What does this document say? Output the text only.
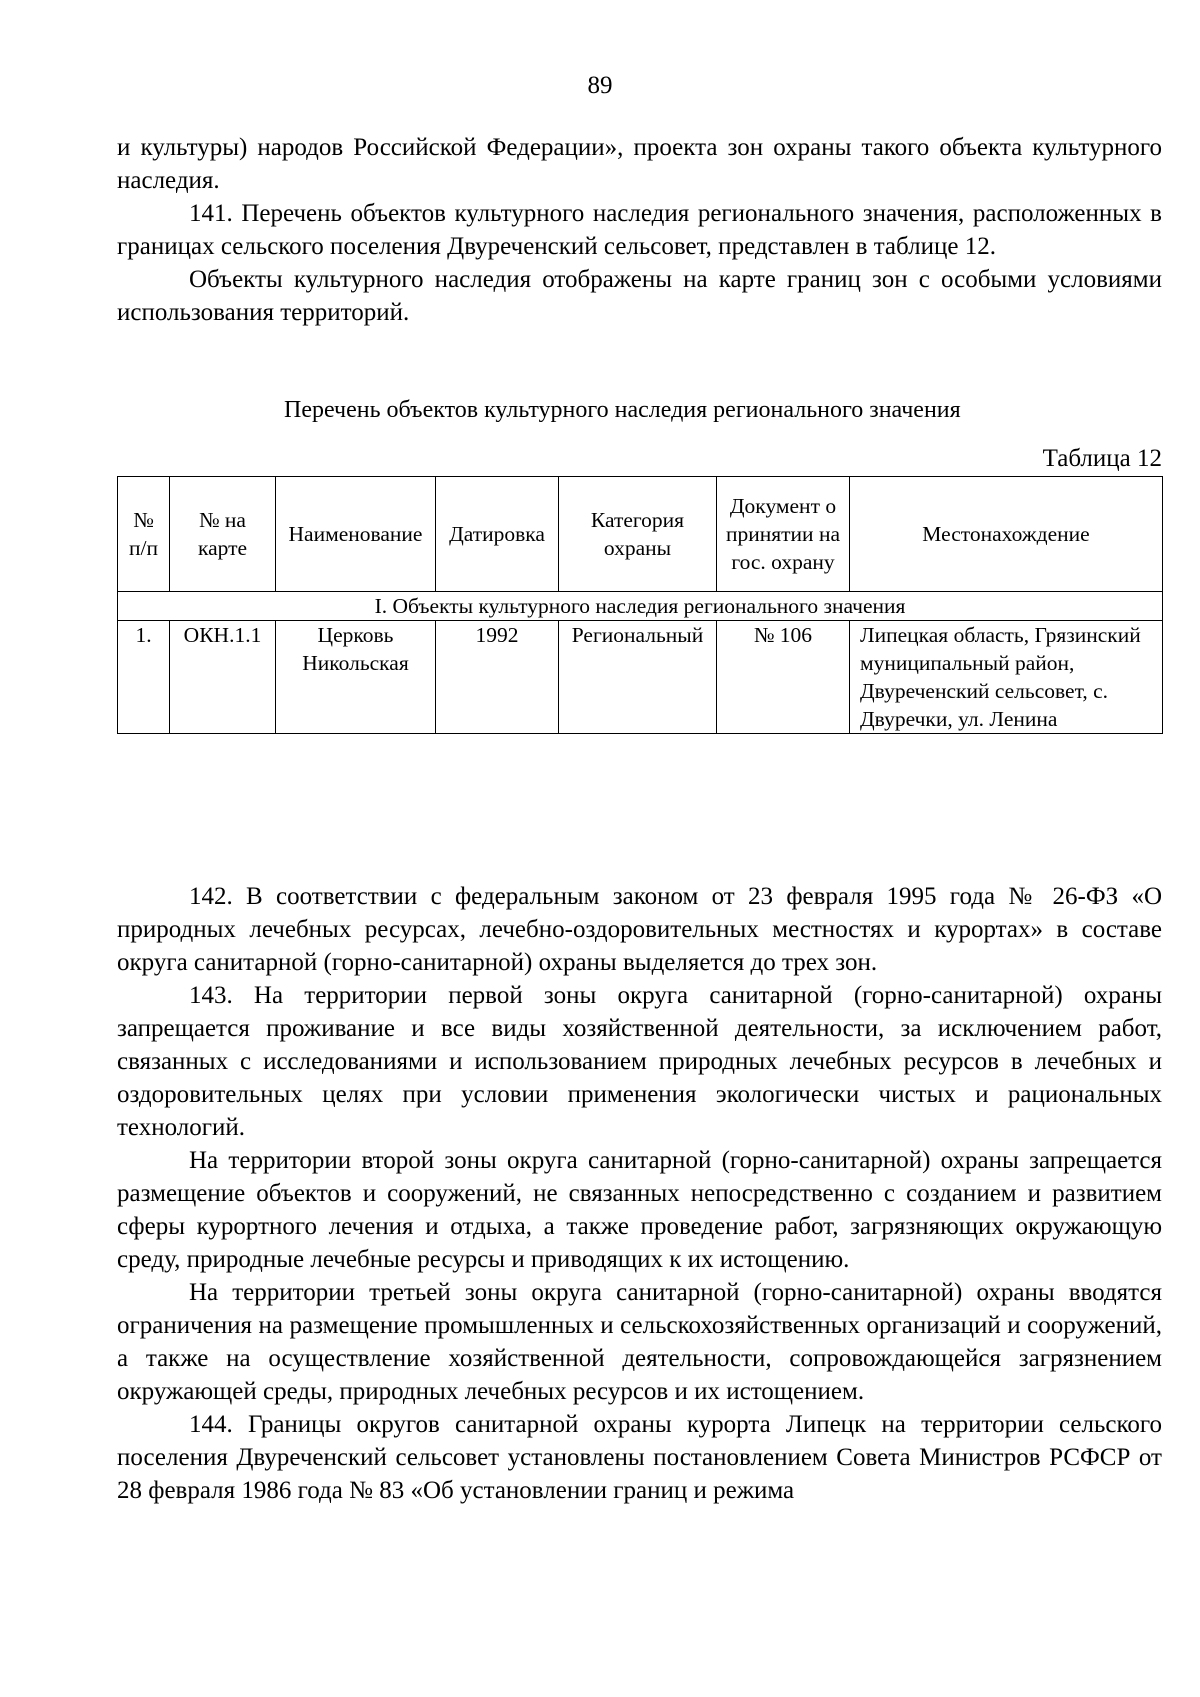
89

и культуры) народов Российской Федерации», проекта зон охраны такого объекта культурного наследия.

141. Перечень объектов культурного наследия регионального значения, расположенных в границах сельского поселения Двуреченский сельсовет, представлен в таблице 12.

Объекты культурного наследия отображены на карте границ зон с особыми условиями использования территорий.

Перечень объектов культурного наследия регионального значения
Таблица 12
№ п/п	№ на карте	Наименование	Датировка	Категория охраны	Документ о принятии на гос. охрану	Местонахождение
I. Объекты культурного наследия регионального значения						
1.	ОКН.1.1	Церковь Никольская	1992	Региональный	№ 106	Липецкая область, Грязинский муниципальный район, Двуреченский сельсовет, с. Двуречки, ул. Ленина

142. В соответствии с федеральным законом от 23 февраля 1995 года № 26-ФЗ «О природных лечебных ресурсах, лечебно-оздоровительных местностях и курортах» в составе округа санитарной (горно-санитарной) охраны выделяется до трех зон.

143. На территории первой зоны округа санитарной (горно-санитарной) охраны запрещается проживание и все виды хозяйственной деятельности, за исключением работ, связанных с исследованиями и использованием природных лечебных ресурсов в лечебных и оздоровительных целях при условии применения экологически чистых и рациональных технологий.

На территории второй зоны округа санитарной (горно-санитарной) охраны запрещается размещение объектов и сооружений, не связанных непосредственно с созданием и развитием сферы курортного лечения и отдыха, а также проведение работ, загрязняющих окружающую среду, природные лечебные ресурсы и приводящих к их истощению.

На территории третьей зоны округа санитарной (горно-санитарной) охраны вводятся ограничения на размещение промышленных и сельскохозяйственных организаций и сооружений, а также на осуществление хозяйственной деятельности, сопровождающейся загрязнением окружающей среды, природных лечебных ресурсов и их истощением.

144. Границы округов санитарной охраны курорта Липецк на территории сельского поселения Двуреченский сельсовет установлены постановлением Совета Министров РСФСР от 28 февраля 1986 года № 83 «Об установлении границ и режима
